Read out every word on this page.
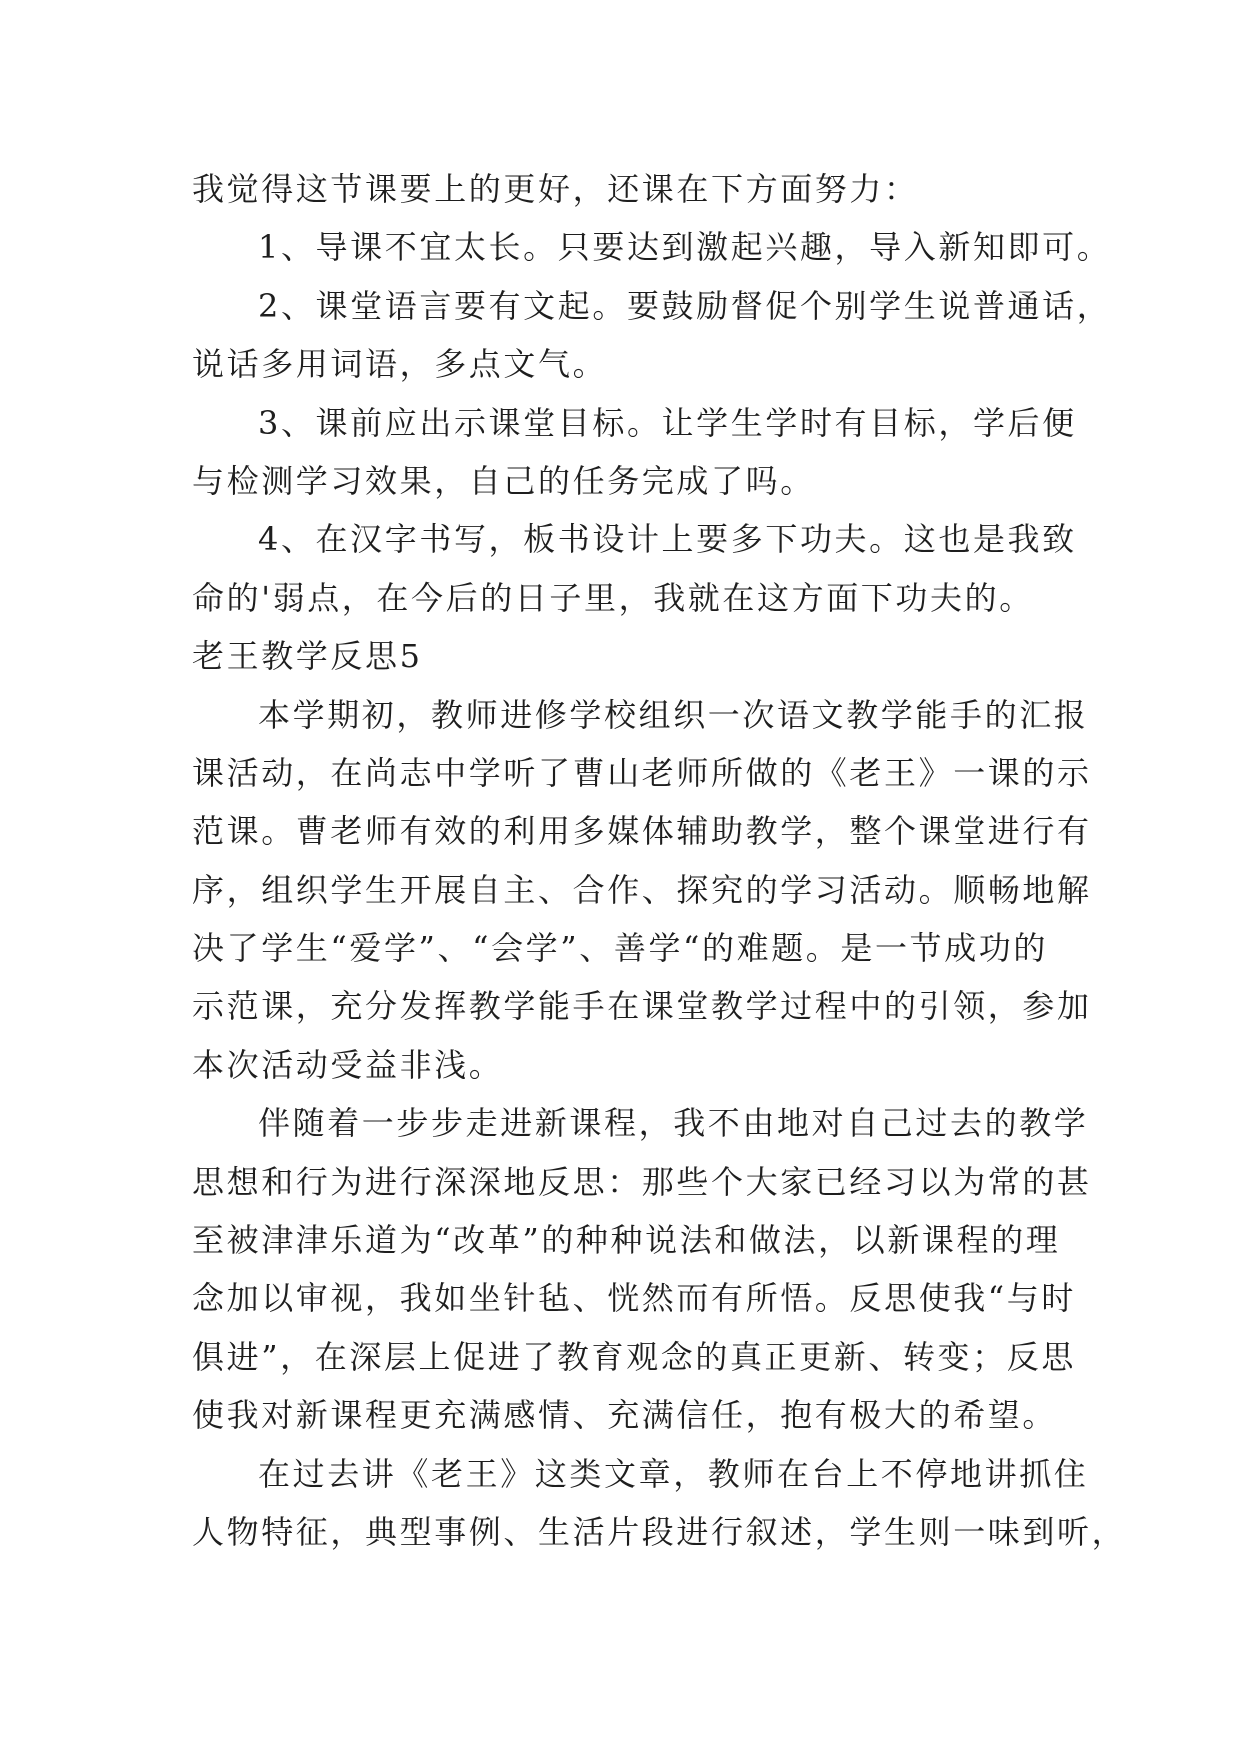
我觉得这节课要上的更好，还课在下方面努力：
1、导课不宜太长。只要达到激起兴趣，导入新知即可。
2、课堂语言要有文起。要鼓励督促个别学生说普通话，
说话多用词语，多点文气。
3、课前应出示课堂目标。让学生学时有目标，学后便
与检测学习效果，自己的任务完成了吗。
4、在汉字书写，板书设计上要多下功夫。这也是我致
命的'弱点，在今后的日子里，我就在这方面下功夫的。
老王教学反思5
本学期初，教师进修学校组织一次语文教学能手的汇报
课活动，在尚志中学听了曹山老师所做的《老王》一课的示
范课。曹老师有效的利用多媒体辅助教学，整个课堂进行有
序，组织学生开展自主、合作、探究的学习活动。顺畅地解
决了学生“爱学”、“会学”、善学“的难题。是一节成功的
示范课，充分发挥教学能手在课堂教学过程中的引领，参加
本次活动受益非浅。
伴随着一步步走进新课程，我不由地对自己过去的教学
思想和行为进行深深地反思：那些个大家已经习以为常的甚
至被津津乐道为“改革”的种种说法和做法，以新课程的理
念加以审视，我如坐针毡、恍然而有所悟。反思使我“与时
俱进”，在深层上促进了教育观念的真正更新、转变；反思
使我对新课程更充满感情、充满信任，抱有极大的希望。
在过去讲《老王》这类文章，教师在台上不停地讲抓住
人物特征，典型事例、生活片段进行叙述，学生则一味到听，
